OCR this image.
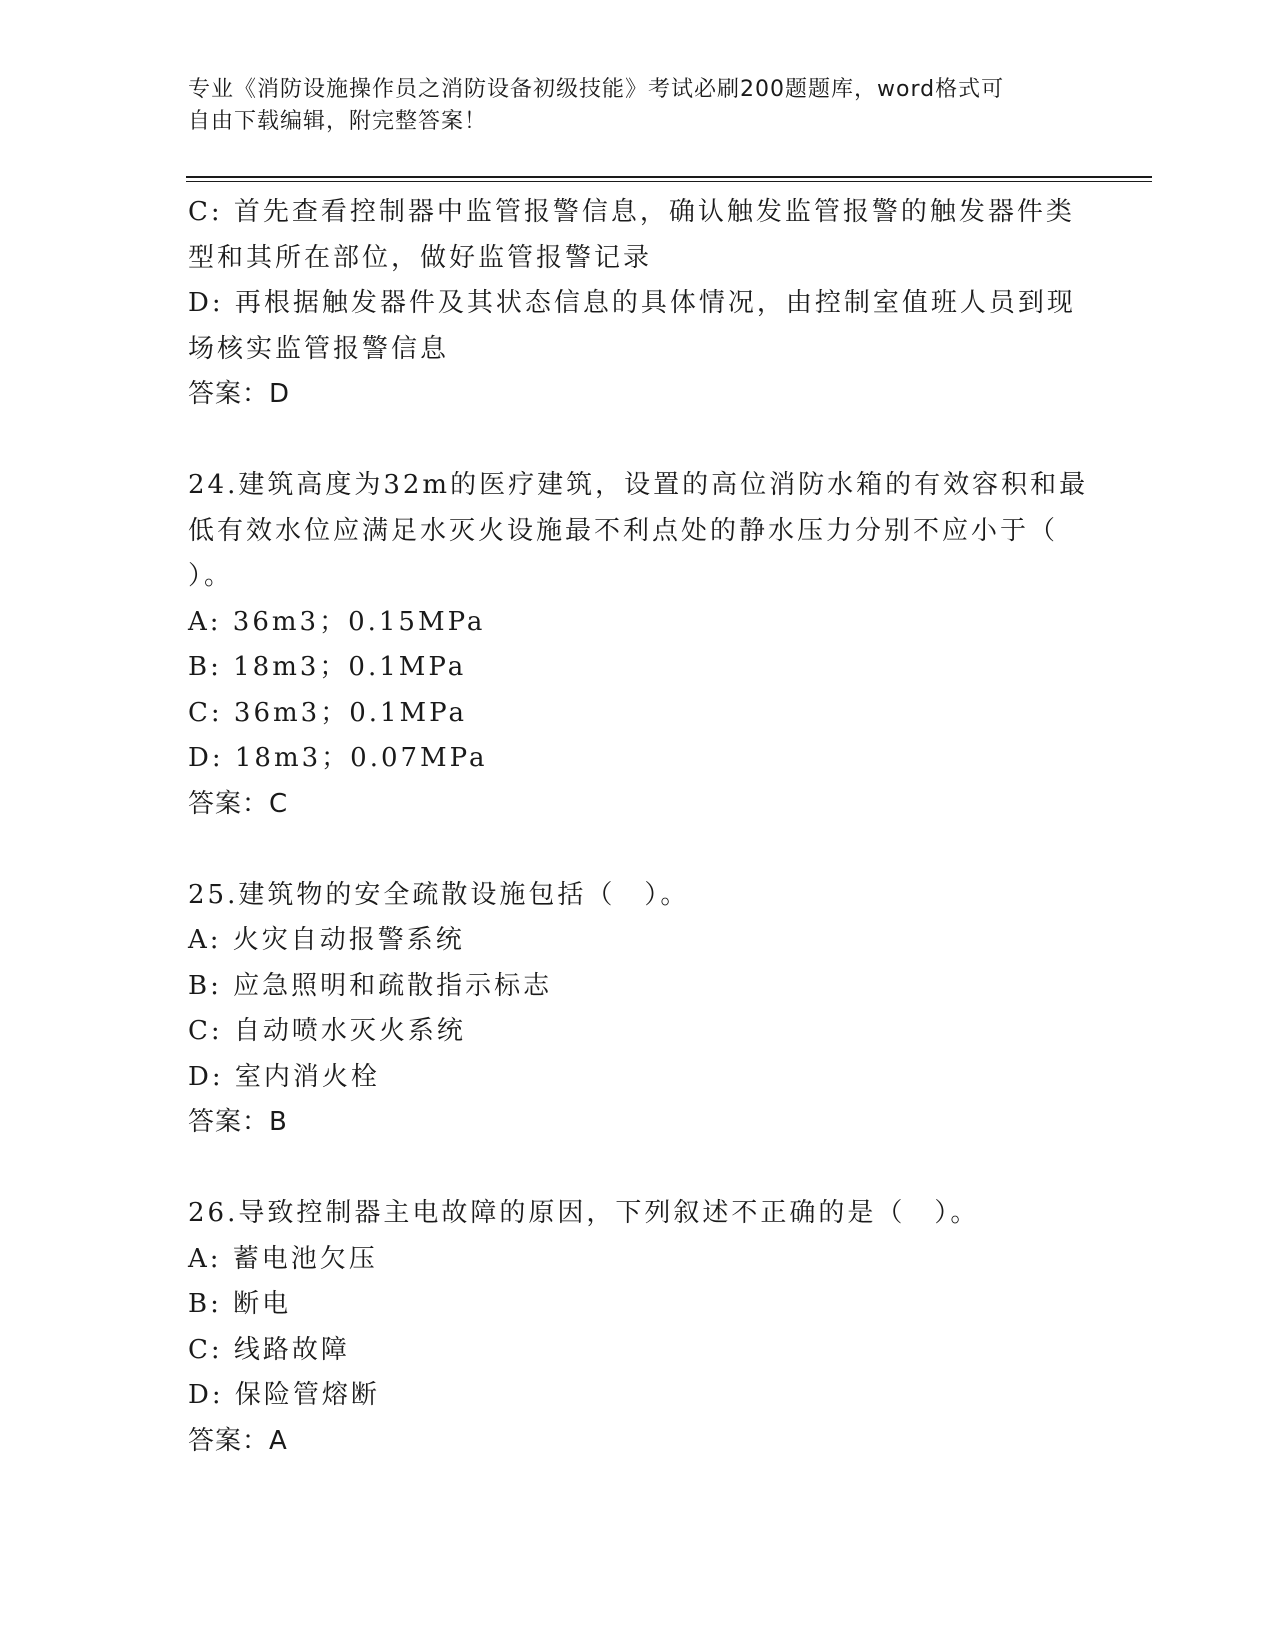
专业《消防设施操作员之消防设备初级技能》考试必刷200题题库，word格式可
自由下载编辑，附完整答案！
C: 首先查看控制器中监管报警信息，确认触发监管报警的触发器件类
型和其所在部位，做好监管报警记录
D: 再根据触发器件及其状态信息的具体情况，由控制室值班人员到现
场核实监管报警信息
答案：D
24.建筑高度为32m的医疗建筑，设置的高位消防水箱的有效容积和最
低有效水位应满足水灭火设施最不利点处的静水压力分别不应小于（
）。
A: 36m3；0.15MPa
B: 18m3；0.1MPa
C: 36m3；0.1MPa
D: 18m3；0.07MPa
答案：C
25.建筑物的安全疏散设施包括（　）。
A: 火灾自动报警系统
B: 应急照明和疏散指示标志
C: 自动喷水灭火系统
D: 室内消火栓
答案：B
26.导致控制器主电故障的原因，下列叙述不正确的是（　）。
A: 蓄电池欠压
B: 断电
C: 线路故障
D: 保险管熔断
答案：A
